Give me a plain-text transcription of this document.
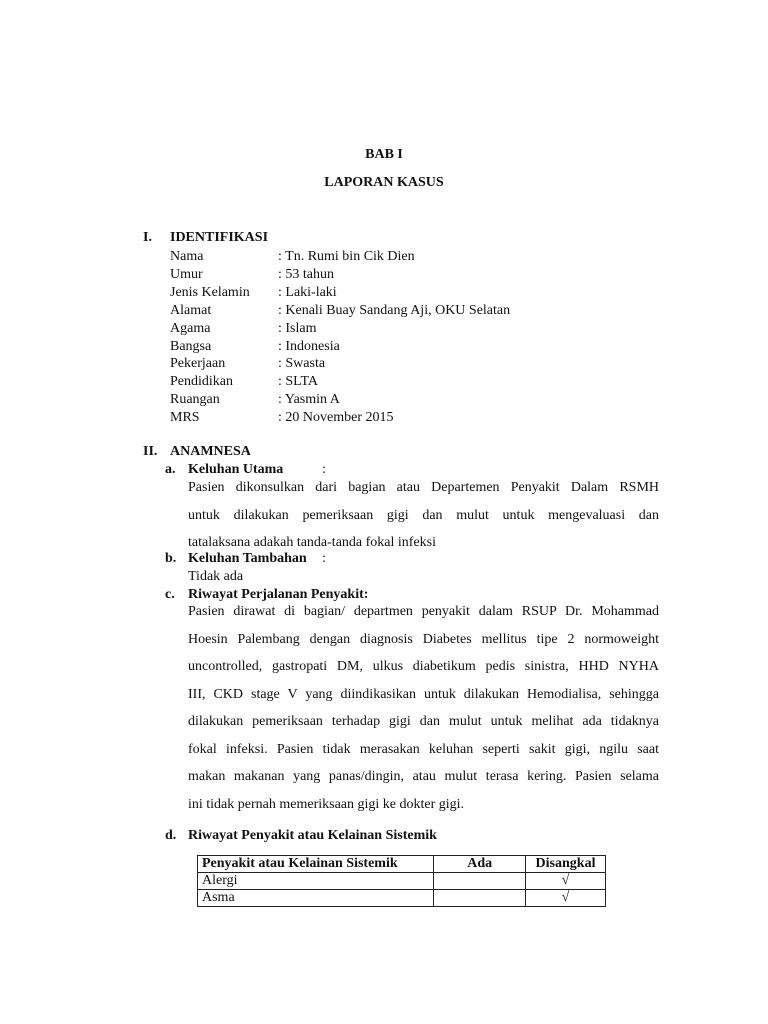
BAB I
LAPORAN KASUS
I. IDENTIFIKASI
Nama	: Tn. Rumi bin Cik Dien
Umur	: 53 tahun
Jenis Kelamin	: Laki-laki
Alamat	: Kenali Buay Sandang Aji, OKU Selatan
Agama	: Islam
Bangsa	: Indonesia
Pekerjaan	: Swasta
Pendidikan	: SLTA
Ruangan	: Yasmin A
MRS	: 20 November 2015
II. ANAMNESA
a. Keluhan Utama	:
Pasien dikonsulkan dari bagian atau Departemen Penyakit Dalam RSMH
untuk dilakukan pemeriksaan gigi dan mulut untuk mengevaluasi dan
tatalaksana adakah tanda-tanda fokal infeksi
b. Keluhan Tambahan :
Tidak ada
c. Riwayat Perjalanan Penyakit:
Pasien dirawat di bagian/ departmen penyakit dalam RSUP Dr. Mohammad
Hoesin Palembang dengan diagnosis Diabetes mellitus tipe 2 normoweight
uncontrolled, gastropati DM, ulkus diabetikum pedis sinistra, HHD NYHA
III, CKD stage V yang diindikasikan untuk dilakukan Hemodialisa, sehingga
dilakukan pemeriksaan terhadap gigi dan mulut untuk melihat ada tidaknya
fokal infeksi. Pasien tidak merasakan keluhan seperti sakit gigi, ngilu saat
makan makanan yang panas/dingin, atau mulut terasa kering. Pasien selama
ini tidak pernah memeriksaan gigi ke dokter gigi.
d. Riwayat Penyakit atau Kelainan Sistemik
Penyakit atau Kelainan Sistemik	Ada	Disangkal
Alergi		√
Asma		√
